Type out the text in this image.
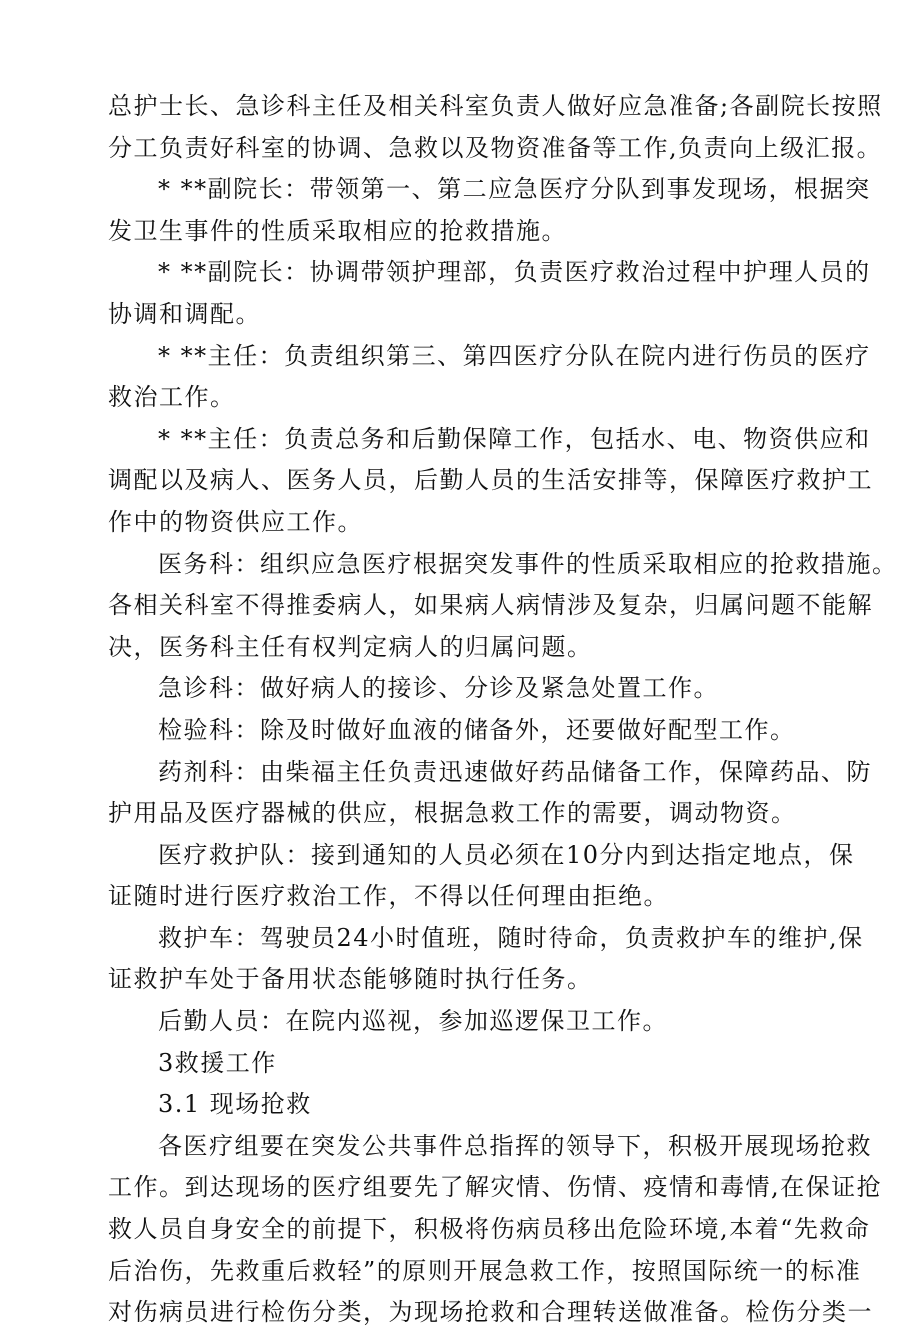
总护士长、急诊科主任及相关科室负责人做好应急准备;各副院长按照
分工负责好科室的协调、急救以及物资准备等工作,负责向上级汇报。
* **副院长：带领第一、第二应急医疗分队到事发现场，根据突
发卫生事件的性质采取相应的抢救措施。
* **副院长：协调带领护理部，负责医疗救治过程中护理人员的
协调和调配。
* **主任：负责组织第三、第四医疗分队在院内进行伤员的医疗
救治工作。
* **主任：负责总务和后勤保障工作，包括水、电、物资供应和
调配以及病人、医务人员，后勤人员的生活安排等，保障医疗救护工
作中的物资供应工作。
医务科：组织应急医疗根据突发事件的性质采取相应的抢救措施。
各相关科室不得推委病人，如果病人病情涉及复杂，归属问题不能解
决，医务科主任有权判定病人的归属问题。
急诊科：做好病人的接诊、分诊及紧急处置工作。
检验科：除及时做好血液的储备外，还要做好配型工作。
药剂科：由柴福主任负责迅速做好药品储备工作，保障药品、防
护用品及医疗器械的供应，根据急救工作的需要，调动物资。
医疗救护队：接到通知的人员必须在10分内到达指定地点，保
证随时进行医疗救治工作，不得以任何理由拒绝。
救护车：驾驶员24小时值班，随时待命，负责救护车的维护,保
证救护车处于备用状态能够随时执行任务。
后勤人员：在院内巡视，参加巡逻保卫工作。
3救援工作
3.1 现场抢救
各医疗组要在突发公共事件总指挥的领导下，积极开展现场抢救
工作。到达现场的医疗组要先了解灾情、伤情、疫情和毒情,在保证抢
救人员自身安全的前提下，积极将伤病员移出危险环境,本着“先救命
后治伤，先救重后救轻”的原则开展急救工作，按照国际统一的标准
对伤病员进行检伤分类，为现场抢救和合理转送做准备。检伤分类一
